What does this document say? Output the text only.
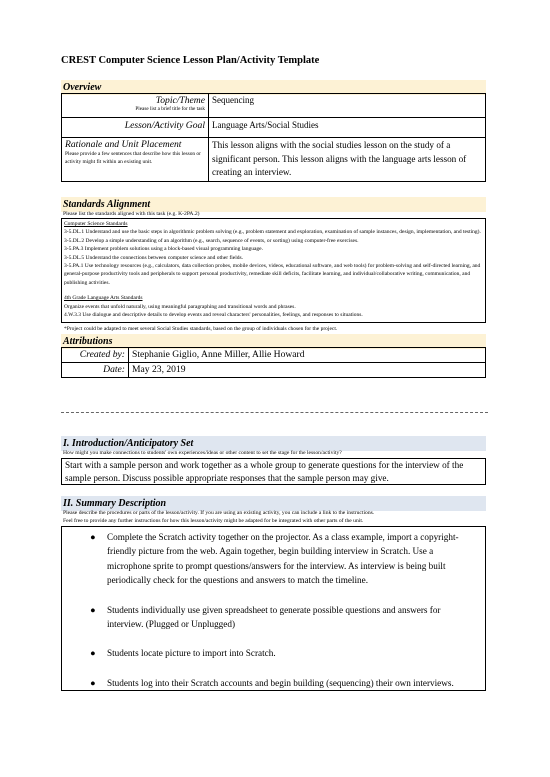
CREST Computer Science Lesson Plan/Activity Template
Overview
Topic/Theme
Please list a brief title for the task	Sequencing

Lesson/Activity Goal	Language Arts/Social Studies

Rationale and Unit Placement
Please provide a few sentences that describe how this lesson or activity might fit within an existing unit.	This lesson aligns with the social studies lesson on the study of a significant person. This lesson aligns with the language arts lesson of creating an interview.
Standards Alignment
Please list the standards aligned with this task (e.g. K-2PA.2)
Computer Science Standards
3-5.DL.1 Understand and use the basic steps in algorithmic problem solving (e.g., problem statement and exploration, examination of sample instances, design, implementation, and testing).
3-5.DL.2 Develop a simple understanding of an algorithm (e.g., search, sequence of events, or sorting) using computer-free exercises.
3-5.PA.3 Implement problem solutions using a block-based visual programming language.
3-5.DL.5 Understand the connections between computer science and other fields.
3-5.PA.1 Use technology resources (e.g., calculators, data collection probes, mobile devices, videos, educational software, and web tools) for problem-solving and self-directed learning, and general-purpose productivity tools and peripherals to support personal productivity, remediate skill deficits, facilitate learning, and individual/collaborative writing, communication, and publishing activities.
4th Grade Language Arts Standards
Organize events that unfold naturally, using meaningful paragraphing and transitional words and phrases.
4.W.3.3 Use dialogue and descriptive details to develop events and reveal characters' personalities, feelings, and responses to situations.
*Project could be adapted to meet several Social Studies standards, based on the group of individuals chosen for the project.
Attributions
Created by:	Stephanie Giglio, Anne Miller, Allie Howard
Date:	May 23, 2019
I. Introduction/Anticipatory Set
How might you make connections to students' own experiences/ideas or other content to set the stage for the lesson/activity?
Start with a sample person and work together as a whole group to generate questions for the interview of the sample person. Discuss possible appropriate responses that the sample person may give.
II. Summary Description
Please describe the procedures or parts of the lesson/activity. If you are using an existing activity, you can include a link to the instructions.
Feel free to provide any further instructions for how this lesson/activity might be adapted for be integrated with other parts of the unit.

● Complete the Scratch activity together on the projector. As a class example, import a copyright-friendly picture from the web. Again together, begin building interview in Scratch. Use a microphone sprite to prompt questions/answers for the interview. As interview is being built periodically check for the questions and answers to match the timeline.

● Students individually use given spreadsheet to generate possible questions and answers for interview. (Plugged or Unplugged)

● Students locate picture to import into Scratch.

● Students log into their Scratch accounts and begin building (sequencing) their own interviews.
